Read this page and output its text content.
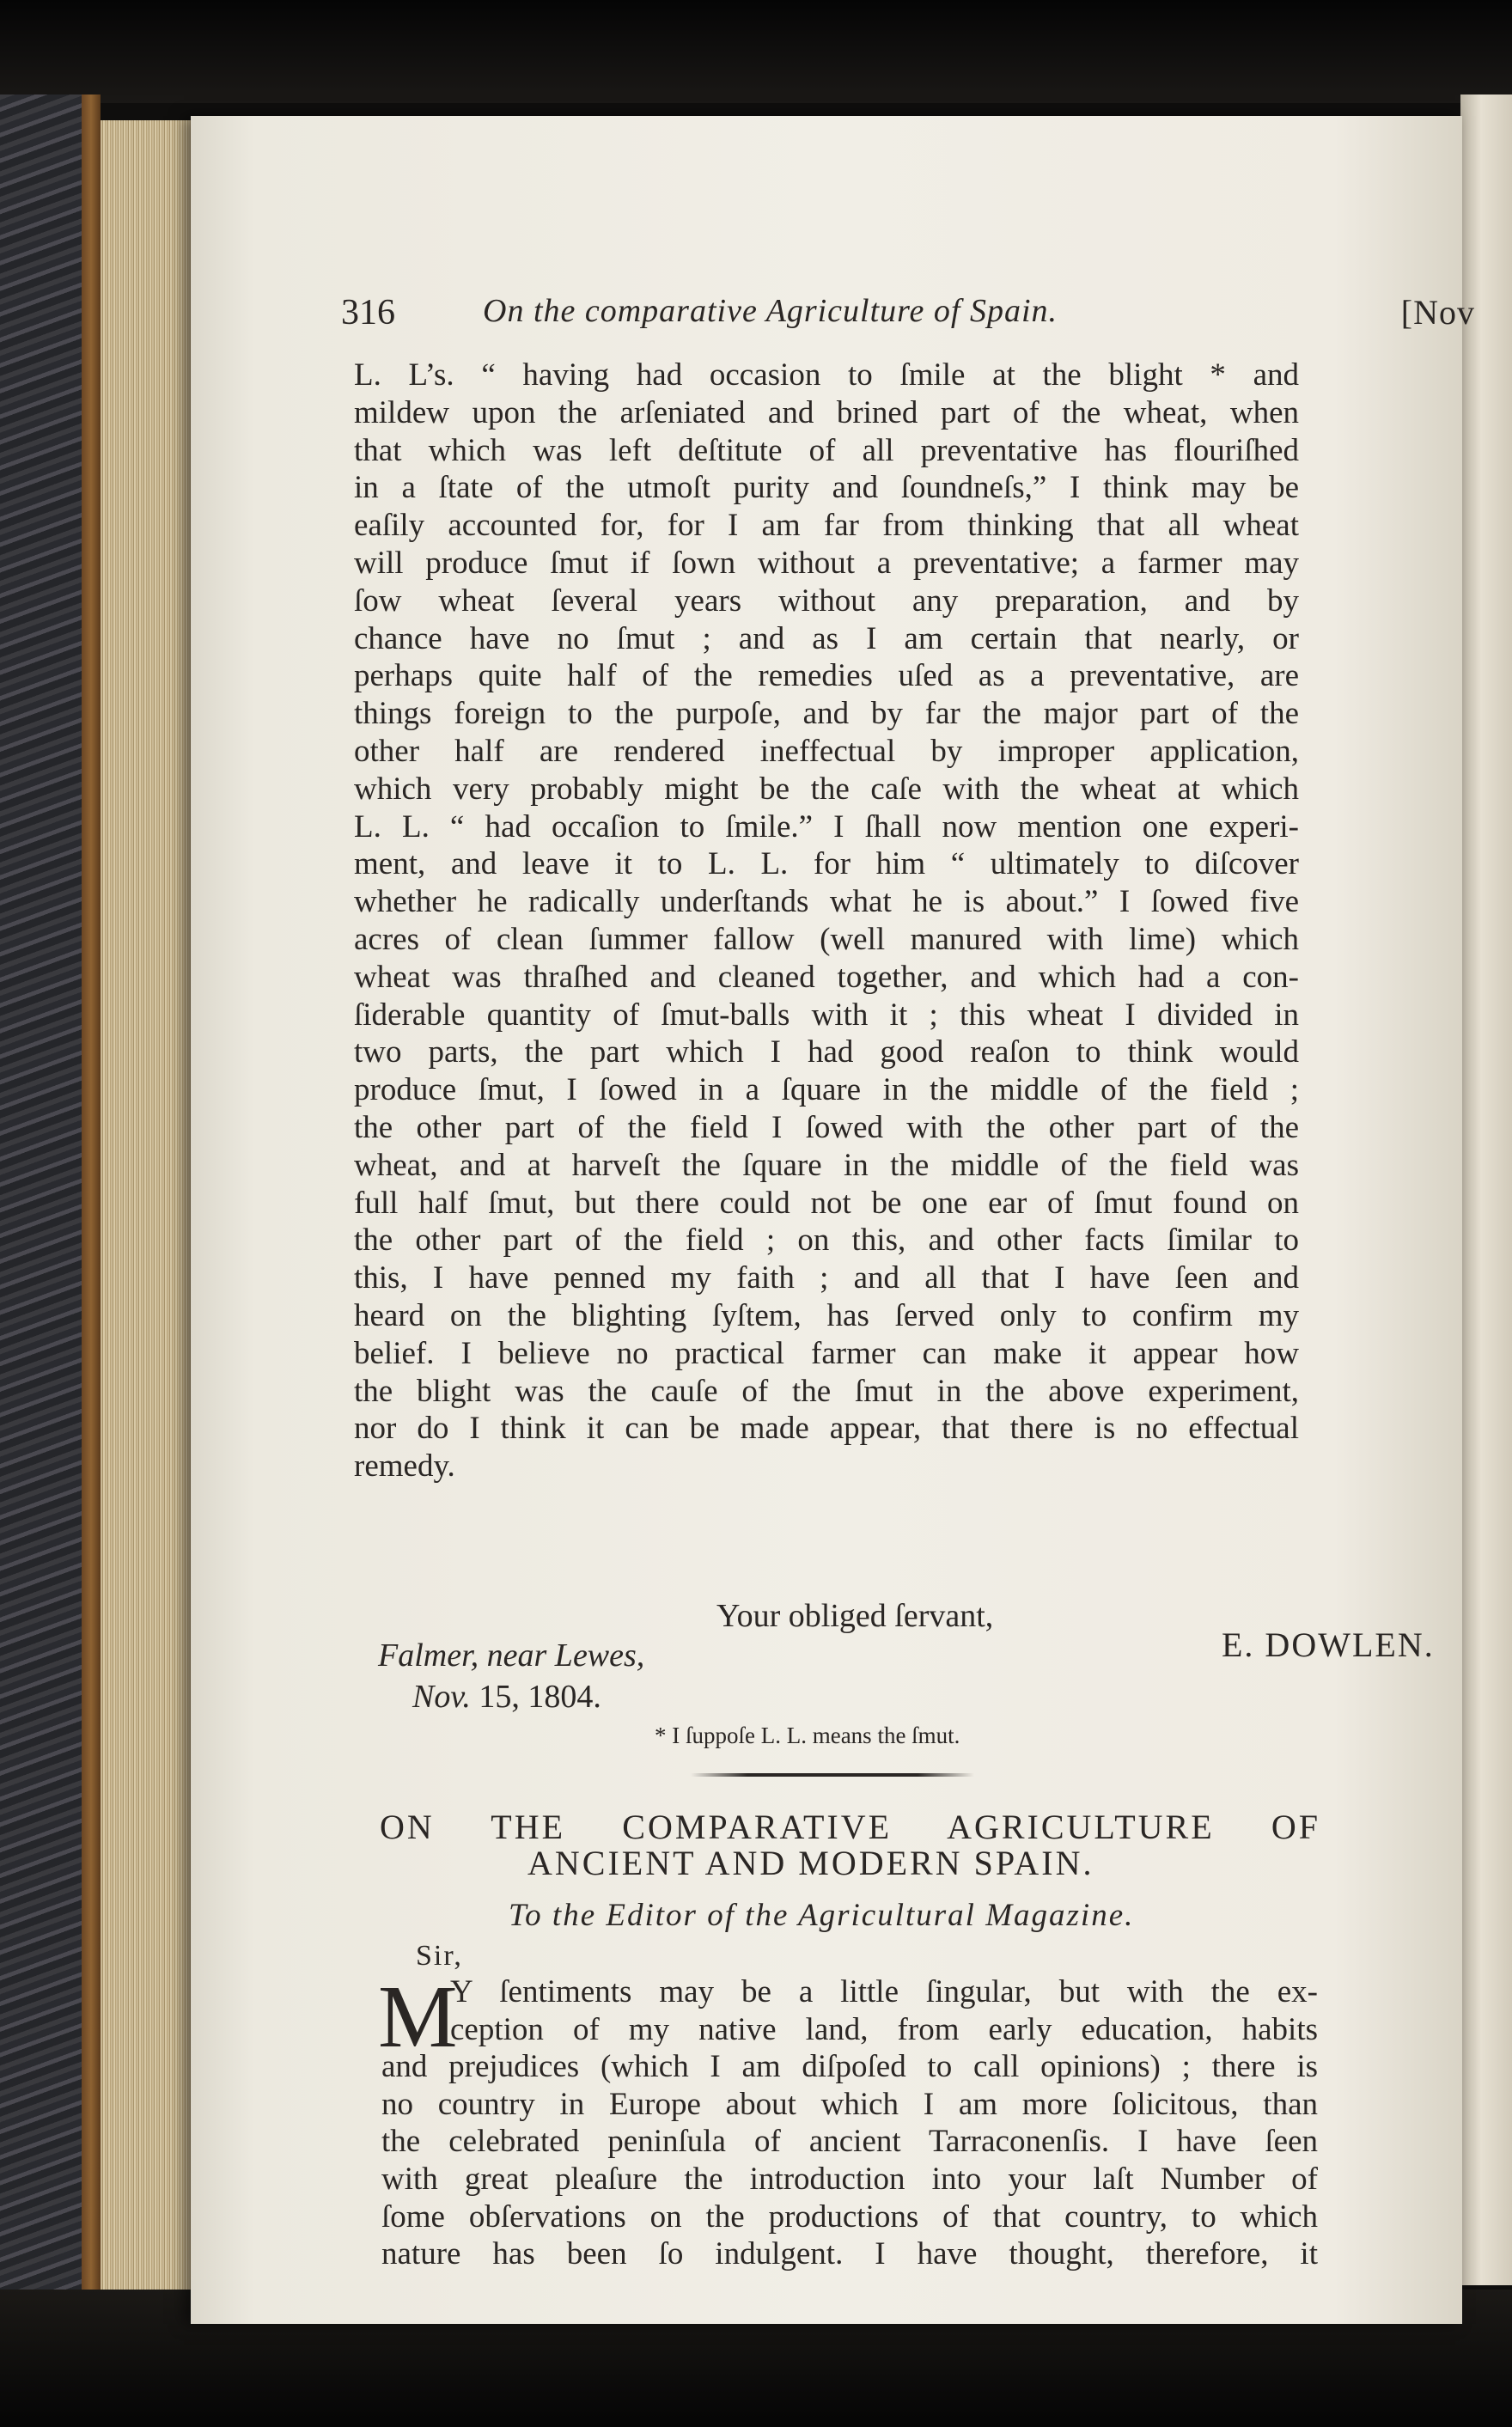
316	On the comparative Agriculture of Spain.	[Nov
L. L’s. “ having had occasion to ſmile at the blight * and
mildew upon the arſeniated and brined part of the wheat, when
that which was left deſtitute of all preventative has flouriſhed
in a ſtate of the utmoſt purity and ſoundneſs,” I think may be
eaſily accounted for, for I am far from thinking that all wheat
will produce ſmut if ſown without a preventative; a farmer may
ſow wheat ſeveral years without any preparation, and by
chance have no ſmut ; and as I am certain that nearly, or
perhaps quite half of the remedies uſed as a preventative, are
things foreign to the purpoſe, and by far the major part of the
other half are rendered ineffectual by improper application,
which very probably might be the caſe with the wheat at which
L. L. “ had occaſion to ſmile.” I ſhall now mention one experi-
ment, and leave it to L. L. for him “ ultimately to diſcover
whether he radically underſtands what he is about.” I ſowed five
acres of clean ſummer fallow (well manured with lime) which
wheat was thraſhed and cleaned together, and which had a con-
ſiderable quantity of ſmut-balls with it ; this wheat I divided in
two parts, the part which I had good reaſon to think would
produce ſmut, I ſowed in a ſquare in the middle of the field ;
the other part of the field I ſowed with the other part of the
wheat, and at harveſt the ſquare in the middle of the field was
full half ſmut, but there could not be one ear of ſmut found on
the other part of the field ; on this, and other facts ſimilar to
this, I have penned my faith ; and all that I have ſeen and
heard on the blighting ſyſtem, has ſerved only to confirm my
belief. I believe no practical farmer can make it appear how
the blight was the cauſe of the ſmut in the above experiment,
nor do I think it can be made appear, that there is no effectual
remedy.
Your obliged ſervant,
E. DOWLEN.
Falmer, near Lewes,
Nov. 15, 1804.
* I ſuppoſe L. L. means the ſmut.
ON THE COMPARATIVE AGRICULTURE OF
ANCIENT AND MODERN SPAIN.
To the Editor of the Agricultural Magazine.
Sir,
M
Y ſentiments may be a little ſingular, but with the ex-
ception of my native land, from early education, habits
and prejudices (which I am diſpoſed to call opinions) ; there is
no country in Europe about which I am more ſolicitous, than
the celebrated peninſula of ancient Tarraconenſis. I have ſeen
with great pleaſure the introduction into your laſt Number of
ſome obſervations on the productions of that country, to which
nature has been ſo indulgent. I have thought, therefore, it
